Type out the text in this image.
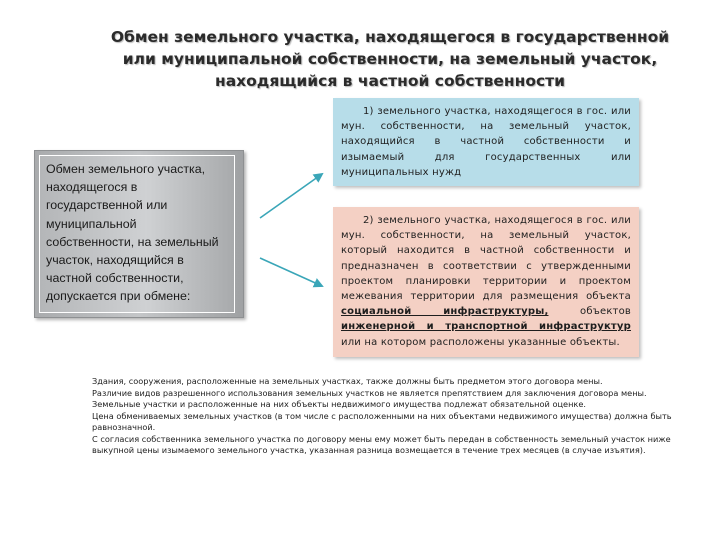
Обмен земельного участка, находящегося в государственной
или муниципальной собственности, на земельный участок,
находящийся в частной собственности
Обмен земельного участка, находящегося в государственной или муниципальной собственности, на земельный участок, находящийся в частной собственности, допускается при обмене:
1) земельного участка, находящегося в гос. или мун. собственности, на земельный участок, находящийся в частной собственности и изымаемый для государственных или муниципальных нужд
2) земельного участка, находящегося в гос. или мун. собственности, на земельный участок, который находится в частной собственности и предназначен в соответствии с утвержденными проектом планировки территории и проектом межевания территории для размещения объекта социальной инфраструктуры,	объектов инженерной и транспортной инфраструктур или на котором расположены указанные объекты.

Здания, сооружения, расположенные на земельных участках, также должны быть предметом этого договора мены.

Различие видов разрешенного использования земельных участков не является препятствием для заключения договора мены.

Земельные участки и расположенные на них объекты недвижимого имущества подлежат обязательной оценке.

Цена обмениваемых земельных участков (в том числе с расположенными на них объектами недвижимого имущества) должна быть равнозначной.

С согласия собственника земельного участка по договору мены ему может быть передан в собственность земельный участок ниже выкупной цены изымаемого земельного участка, указанная разница возмещается в течение трех месяцев (в случае изъятия).
